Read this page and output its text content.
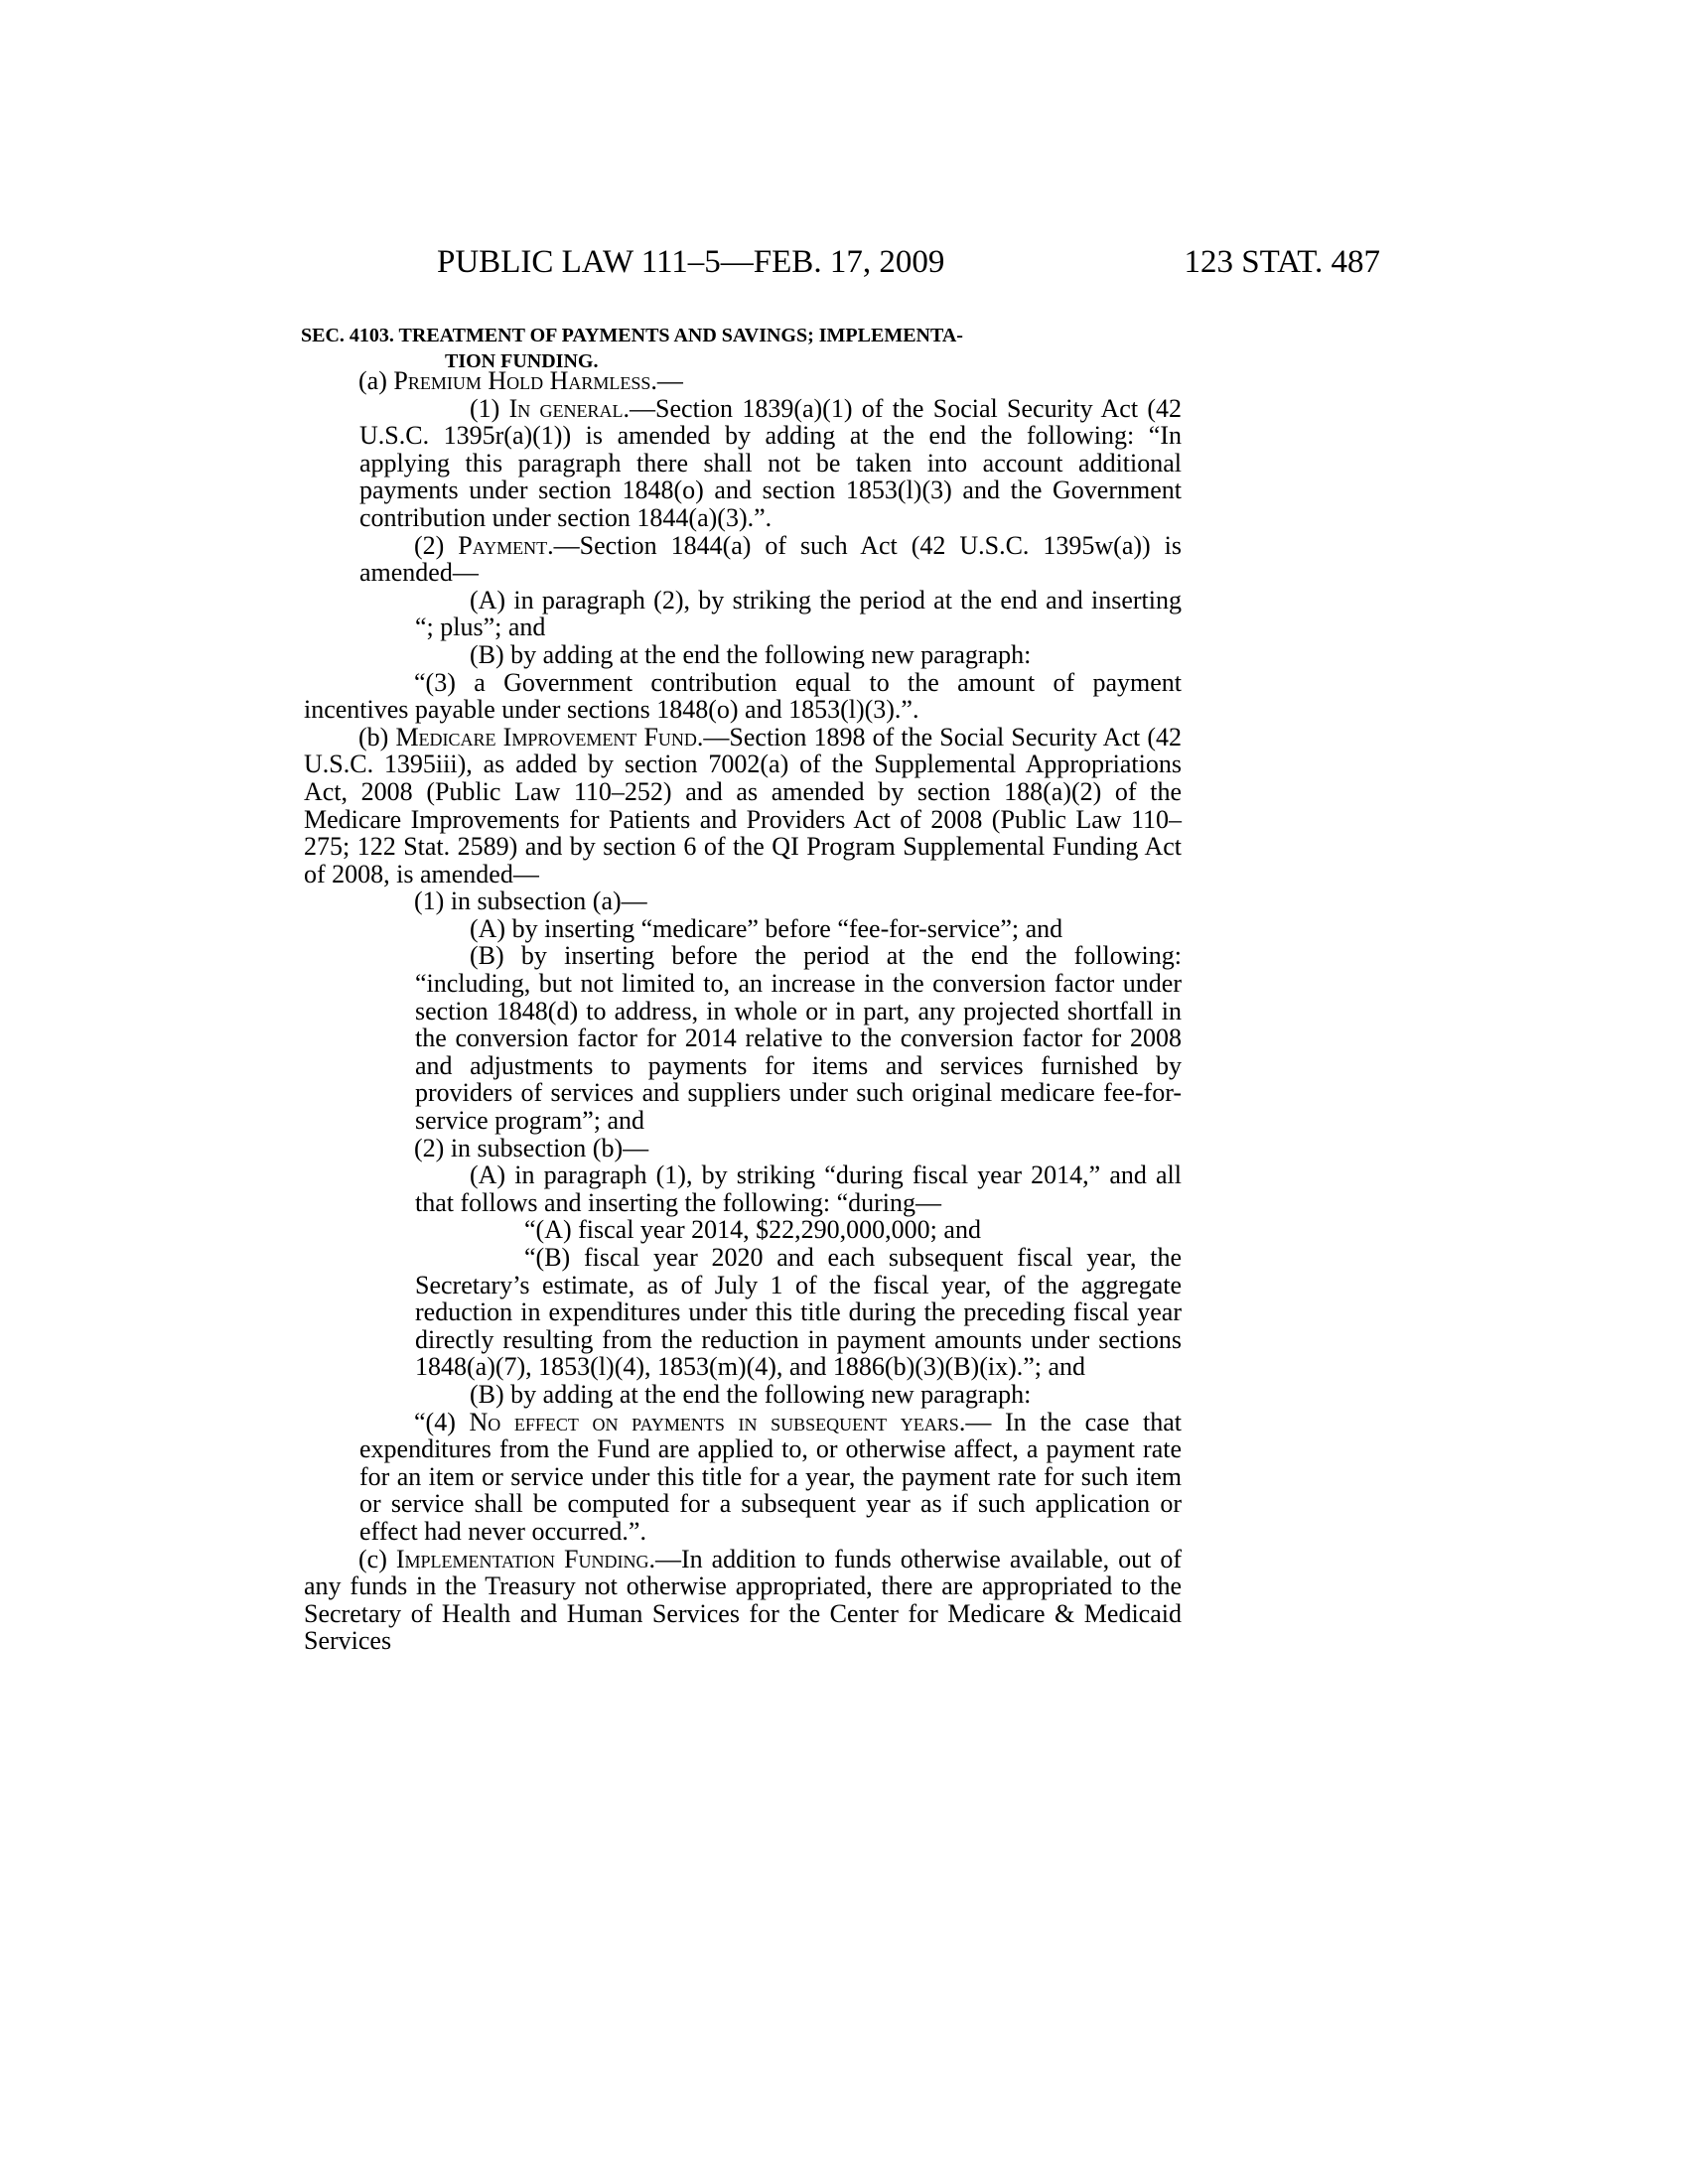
PUBLIC LAW 111–5—FEB. 17, 2009	123 STAT. 487
SEC. 4103. TREATMENT OF PAYMENTS AND SAVINGS; IMPLEMENTA-
TION FUNDING.

(a) Premium Hold Harmless.—

(1) In general.—Section 1839(a)(1) of the Social Security Act (42 U.S.C. 1395r(a)(1)) is amended by adding at the end the following: “In applying this paragraph there shall not be taken into account additional payments under section 1848(o) and section 1853(l)(3) and the Government contribution under section 1844(a)(3).”.

(2) Payment.—Section 1844(a) of such Act (42 U.S.C. 1395w(a)) is amended—

(A) in paragraph (2), by striking the period at the end and inserting “; plus”; and

(B) by adding at the end the following new paragraph:

“(3) a Government contribution equal to the amount of payment incentives payable under sections 1848(o) and 1853(l)(3).”.

(b) Medicare Improvement Fund.—Section 1898 of the Social Security Act (42 U.S.C. 1395iii), as added by section 7002(a) of the Supplemental Appropriations Act, 2008 (Public Law 110–252) and as amended by section 188(a)(2) of the Medicare Improvements for Patients and Providers Act of 2008 (Public Law 110–275; 122 Stat. 2589) and by section 6 of the QI Program Supplemental Funding Act of 2008, is amended—

(1) in subsection (a)—

(A) by inserting “medicare” before “fee-for-service”; and

(B) by inserting before the period at the end the following: “including, but not limited to, an increase in the conversion factor under section 1848(d) to address, in whole or in part, any projected shortfall in the conversion factor for 2014 relative to the conversion factor for 2008 and adjustments to payments for items and services furnished by providers of services and suppliers under such original medicare fee-for-service program”; and

(2) in subsection (b)—

(A) in paragraph (1), by striking “during fiscal year 2014,” and all that follows and inserting the following: “during—

“(A) fiscal year 2014, $22,290,000,000; and

“(B) fiscal year 2020 and each subsequent fiscal year, the Secretary’s estimate, as of July 1 of the fiscal year, of the aggregate reduction in expenditures under this title during the preceding fiscal year directly resulting from the reduction in payment amounts under sections 1848(a)(7), 1853(l)(4), 1853(m)(4), and 1886(b)(3)(B)(ix).”; and

(B) by adding at the end the following new paragraph:

“(4) No effect on payments in subsequent years.— In the case that expenditures from the Fund are applied to, or otherwise affect, a payment rate for an item or service under this title for a year, the payment rate for such item or service shall be computed for a subsequent year as if such application or effect had never occurred.”.

(c) Implementation Funding.—In addition to funds otherwise available, out of any funds in the Treasury not otherwise appropriated, there are appropriated to the Secretary of Health and Human Services for the Center for Medicare & Medicaid Services
